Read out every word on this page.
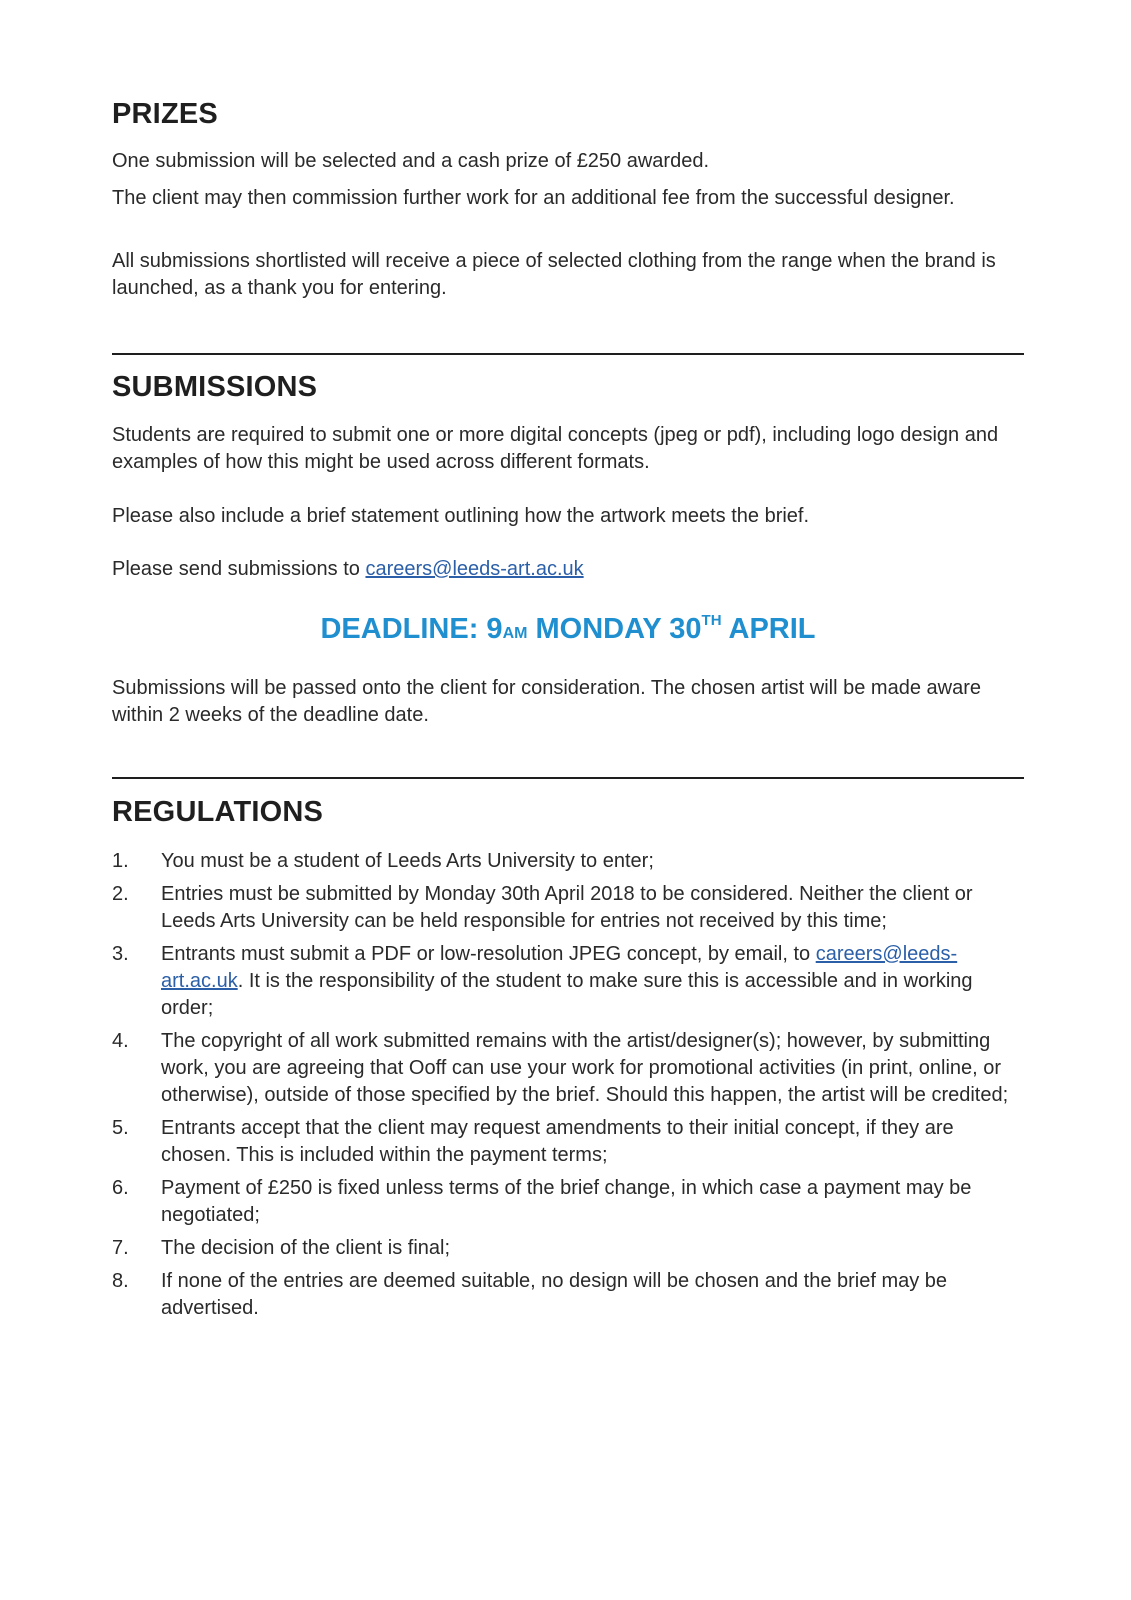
PRIZES

One submission will be selected and a cash prize of £250 awarded.

The client may then commission further work for an additional fee from the successful designer.

All submissions shortlisted will receive a piece of selected clothing from the range when the brand is launched, as a thank you for entering.

SUBMISSIONS

Students are required to submit one or more digital concepts (jpeg or pdf), including logo design and examples of how this might be used across different formats.

Please also include a brief statement outlining how the artwork meets the brief.

Please send submissions to careers@leeds-art.ac.uk

DEADLINE: 9AM MONDAY 30TH APRIL

Submissions will be passed onto the client for consideration. The chosen artist will be made aware within 2 weeks of the deadline date.

REGULATIONS
1. You must be a student of Leeds Arts University to enter;
2. Entries must be submitted by Monday 30th April 2018 to be considered. Neither the client or Leeds Arts University can be held responsible for entries not received by this time;
3. Entrants must submit a PDF or low-resolution JPEG concept, by email, to careers@leeds-art.ac.uk. It is the responsibility of the student to make sure this is accessible and in working order;
4. The copyright of all work submitted remains with the artist/designer(s); however, by submitting work, you are agreeing that Ooff can use your work for promotional activities (in print, online, or otherwise), outside of those specified by the brief. Should this happen, the artist will be credited;
5. Entrants accept that the client may request amendments to their initial concept, if they are chosen. This is included within the payment terms;
6. Payment of £250 is fixed unless terms of the brief change, in which case a payment may be negotiated;
7. The decision of the client is final;
8. If none of the entries are deemed suitable, no design will be chosen and the brief may be advertised.
